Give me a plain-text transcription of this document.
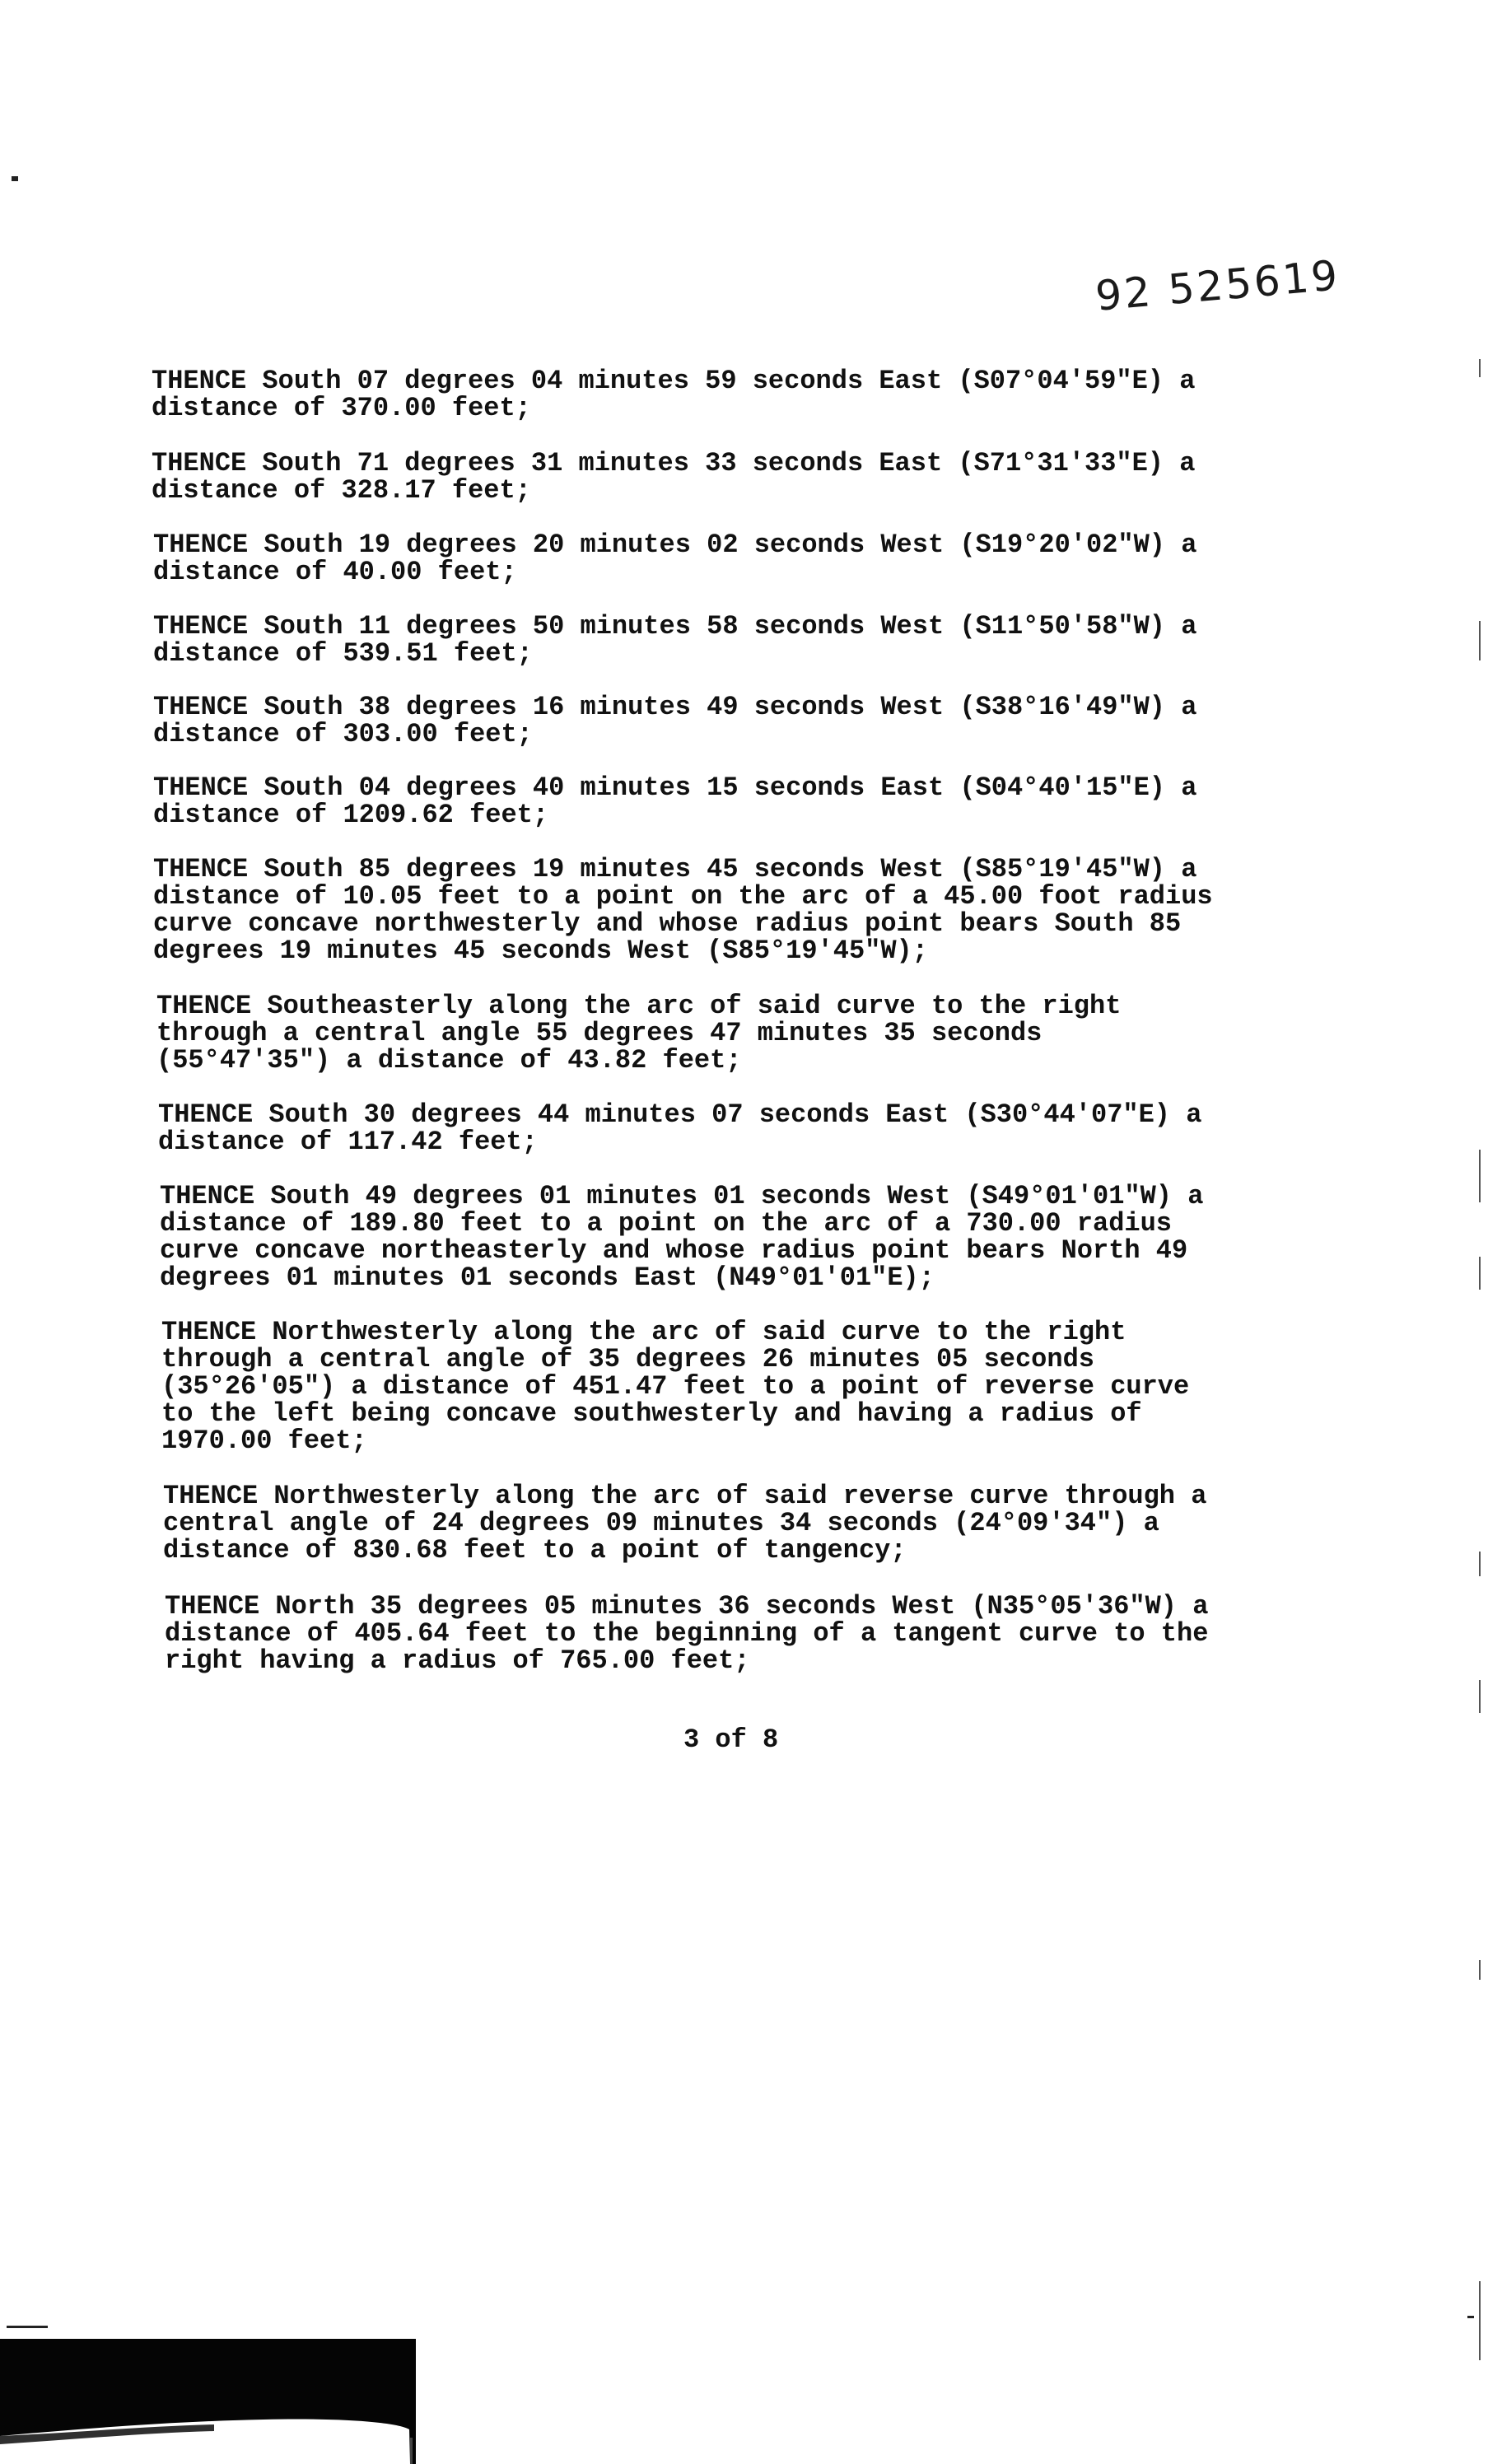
92 525619

THENCE South 07 degrees 04 minutes 59 seconds East (S07°04'59"E) a
distance of 370.00 feet;

THENCE South 71 degrees 31 minutes 33 seconds East (S71°31'33"E) a
distance of 328.17 feet;

THENCE South 19 degrees 20 minutes 02 seconds West (S19°20'02"W) a
distance of 40.00 feet;

THENCE South 11 degrees 50 minutes 58 seconds West (S11°50'58"W) a
distance of 539.51 feet;

THENCE South 38 degrees 16 minutes 49 seconds West (S38°16'49"W) a
distance of 303.00 feet;

THENCE South 04 degrees 40 minutes 15 seconds East (S04°40'15"E) a
distance of 1209.62 feet;

THENCE South 85 degrees 19 minutes 45 seconds West (S85°19'45"W) a
distance of 10.05 feet to a point on the arc of a 45.00 foot radius
curve concave northwesterly and whose radius point bears South 85
degrees 19 minutes 45 seconds West (S85°19'45"W);

THENCE Southeasterly along the arc of said curve to the right
through a central angle 55 degrees 47 minutes 35 seconds
(55°47'35") a distance of 43.82 feet;

THENCE South 30 degrees 44 minutes 07 seconds East (S30°44'07"E) a
distance of 117.42 feet;

THENCE South 49 degrees 01 minutes 01 seconds West (S49°01'01"W) a
distance of 189.80 feet to a point on the arc of a 730.00 radius
curve concave northeasterly and whose radius point bears North 49
degrees 01 minutes 01 seconds East (N49°01'01"E);

THENCE Northwesterly along the arc of said curve to the right
through a central angle of 35 degrees 26 minutes 05 seconds
(35°26'05") a distance of 451.47 feet to a point of reverse curve
to the left being concave southwesterly and having a radius of
1970.00 feet;

THENCE Northwesterly along the arc of said reverse curve through a
central angle of 24 degrees 09 minutes 34 seconds (24°09'34") a
distance of 830.68 feet to a point of tangency;

THENCE North 35 degrees 05 minutes 36 seconds West (N35°05'36"W) a
distance of 405.64 feet to the beginning of a tangent curve to the
right having a radius of 765.00 feet;

3 of 8
